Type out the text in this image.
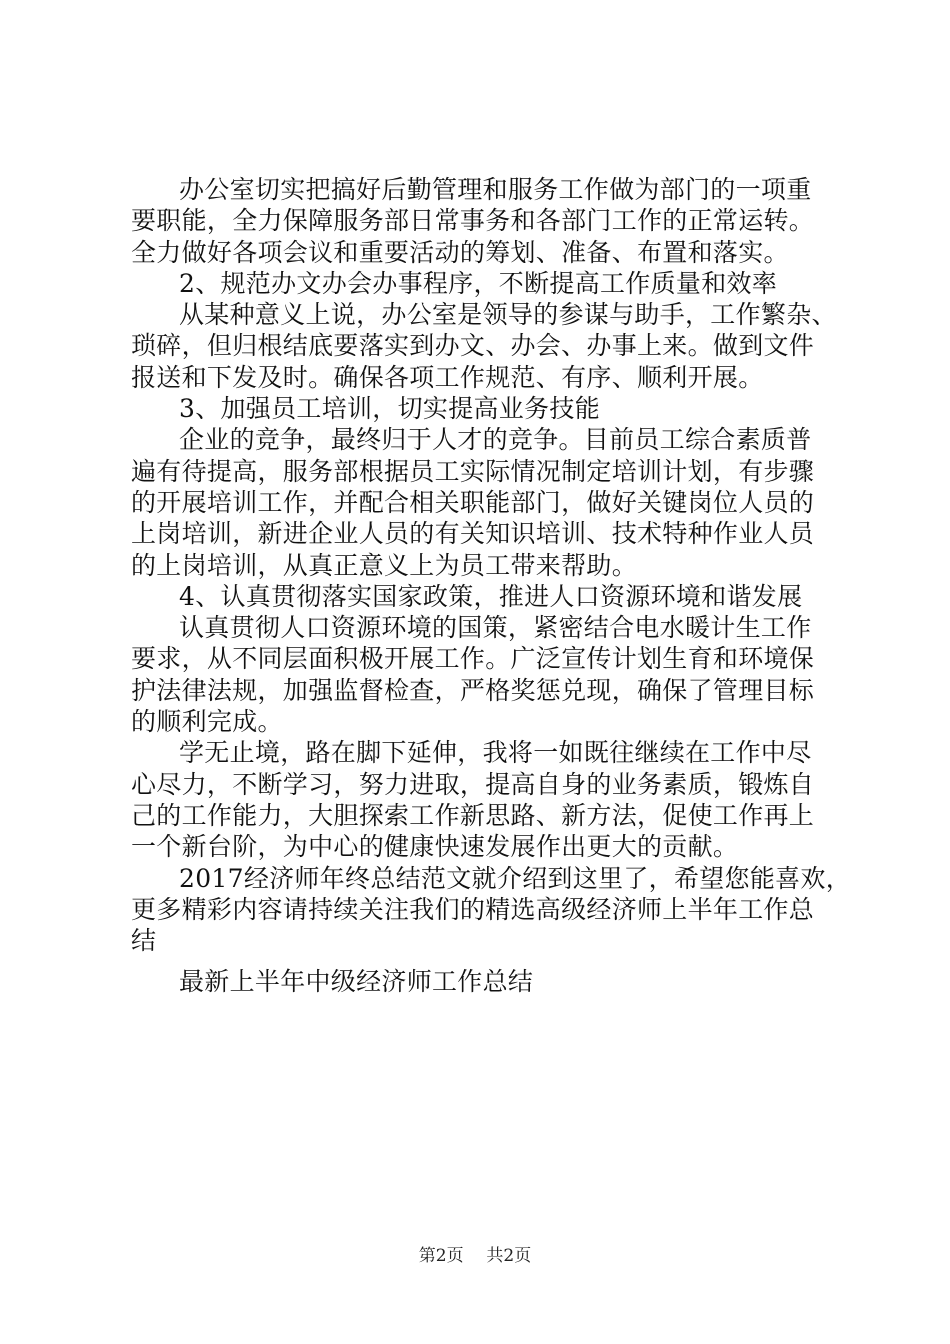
办公室切实把搞好后勤管理和服务工作做为部门的一项重
要职能，全力保障服务部日常事务和各部门工作的正常运转。
全力做好各项会议和重要活动的筹划、准备、布置和落实。
2、规范办文办会办事程序，不断提高工作质量和效率
从某种意义上说，办公室是领导的参谋与助手，工作繁杂、
琐碎，但归根结底要落实到办文、办会、办事上来。做到文件
报送和下发及时。确保各项工作规范、有序、顺利开展。
3、加强员工培训，切实提高业务技能
企业的竞争，最终归于人才的竞争。目前员工综合素质普
遍有待提高，服务部根据员工实际情况制定培训计划，有步骤
的开展培训工作，并配合相关职能部门，做好关键岗位人员的
上岗培训，新进企业人员的有关知识培训、技术特种作业人员
的上岗培训，从真正意义上为员工带来帮助。
4、认真贯彻落实国家政策，推进人口资源环境和谐发展
认真贯彻人口资源环境的国策，紧密结合电水暖计生工作
要求，从不同层面积极开展工作。广泛宣传计划生育和环境保
护法律法规，加强监督检查，严格奖惩兑现，确保了管理目标
的顺利完成。
学无止境，路在脚下延伸，我将一如既往继续在工作中尽
心尽力，不断学习，努力进取，提高自身的业务素质，锻炼自
己的工作能力，大胆探索工作新思路、新方法，促使工作再上
一个新台阶，为中心的健康快速发展作出更大的贡献。
2017经济师年终总结范文就介绍到这里了，希望您能喜欢，
更多精彩内容请持续关注我们的精选高级经济师上半年工作总
结
最新上半年中级经济师工作总结
第2页 共2页
